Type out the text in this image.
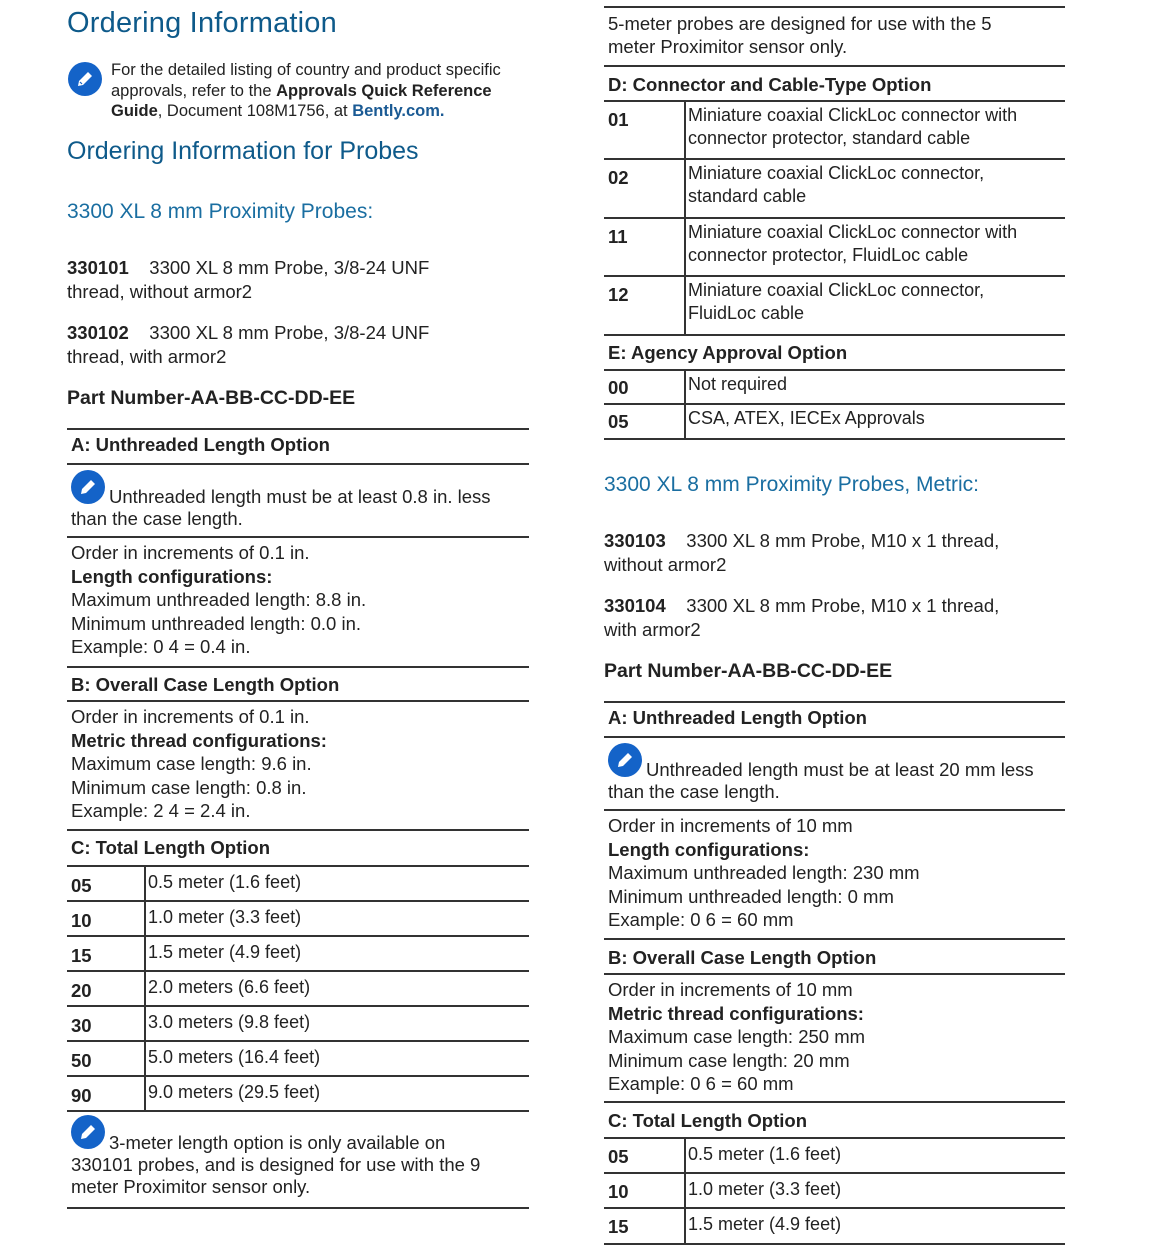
Ordering Information
For the detailed listing of country and product specific approvals, refer to the Approvals Quick Reference Guide, Document 108M1756, at Bently.com.
Ordering Information for Probes
3300 XL 8 mm Proximity Probes:
330101 3300 XL 8 mm Probe, 3/8-24 UNF
thread, without armor2
330102 3300 XL 8 mm Probe, 3/8-24 UNF
thread, with armor2
Part Number-AA-BB-CC-DD-EE
A: Unthreaded Length Option
Unthreaded length must be at least 0.8 in. less
than the case length.
Order in increments of 0.1 in.
Length configurations:
Maximum unthreaded length: 8.8 in.
Minimum unthreaded length: 0.0 in.
Example: 0 4 = 0.4 in.
B: Overall Case Length Option
Order in increments of 0.1 in.
Metric thread configurations:
Maximum case length: 9.6 in.
Minimum case length: 0.8 in.
Example: 2 4 = 2.4 in.
C: Total Length Option
05	0.5 meter (1.6 feet)
10	1.0 meter (3.3 feet)
15	1.5 meter (4.9 feet)
20	2.0 meters (6.6 feet)
30	3.0 meters (9.8 feet)
50	5.0 meters (16.4 feet)
90	9.0 meters (29.5 feet)
3-meter length option is only available on
330101 probes, and is designed for use with the 9
meter Proximitor sensor only.
5-meter probes are designed for use with the 5
meter Proximitor sensor only.
D: Connector and Cable-Type Option
01	Miniature coaxial ClickLoc connector with
connector protector, standard cable
02	Miniature coaxial ClickLoc connector,
standard cable
11	Miniature coaxial ClickLoc connector with
connector protector, FluidLoc cable
12	Miniature coaxial ClickLoc connector,
FluidLoc cable
E: Agency Approval Option
00	Not required
05	CSA, ATEX, IECEx Approvals
3300 XL 8 mm Proximity Probes, Metric:
330103 3300 XL 8 mm Probe, M10 x 1 thread,
without armor2
330104 3300 XL 8 mm Probe, M10 x 1 thread,
with armor2
Part Number-AA-BB-CC-DD-EE
A: Unthreaded Length Option
Unthreaded length must be at least 20 mm less
than the case length.
Order in increments of 10 mm
Length configurations:
Maximum unthreaded length: 230 mm
Minimum unthreaded length: 0 mm
Example: 0 6 = 60 mm
B: Overall Case Length Option
Order in increments of 10 mm
Metric thread configurations:
Maximum case length: 250 mm
Minimum case length: 20 mm
Example: 0 6 = 60 mm
C: Total Length Option
05	0.5 meter (1.6 feet)
10	1.0 meter (3.3 feet)
15	1.5 meter (4.9 feet)
